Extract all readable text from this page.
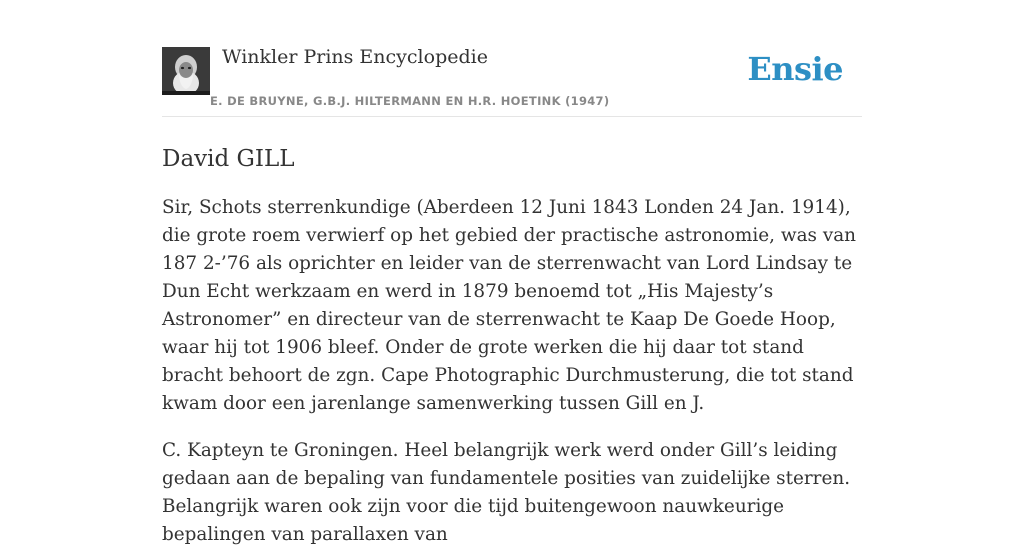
Winkler Prins Encyclopedie

E. DE BRUYNE, G.B.J. HILTERMANN EN H.R. HOETINK (1947)

Ensie
David GILL

Sir, Schots sterrenkundige (Aberdeen 12 Juni 1843 Londen 24 Jan. 1914), die grote roem verwierf op het gebied der practische astronomie, was van 187 2-’76 als oprichter en leider van de sterrenwacht van Lord Lindsay te Dun Echt werkzaam en werd in 1879 benoemd tot „His Majesty’s Astronomer” en directeur van de sterrenwacht te Kaap De Goede Hoop, waar hij tot 1906 bleef. Onder de grote werken die hij daar tot stand bracht behoort de zgn. Cape Photographic Durchmusterung, die tot stand kwam door een jarenlange samenwerking tussen Gill en J.

C. Kapteyn te Groningen. Heel belangrijk werk werd onder Gill’s leiding gedaan aan de bepaling van fundamentele posities van zuidelijke sterren. Belangrijk waren ook zijn voor die tijd buitengewoon nauwkeurige bepalingen van parallaxen van
